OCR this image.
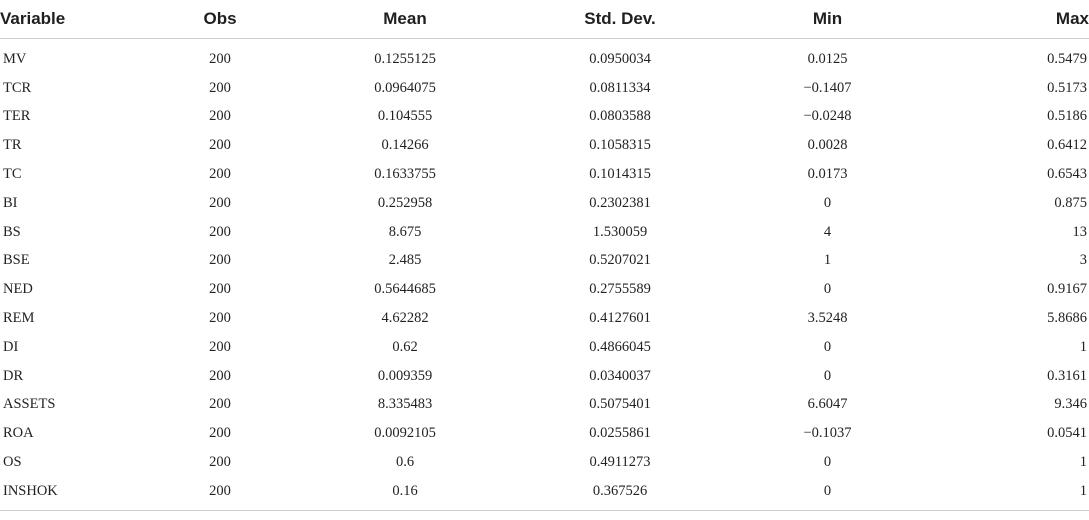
Variable	Obs	Mean	Std. Dev.	Min	Max
MV	200	0.1255125	0.0950034	0.0125	0.5479
TCR	200	0.0964075	0.0811334	−0.1407	0.5173
TER	200	0.104555	0.0803588	−0.0248	0.5186
TR	200	0.14266	0.1058315	0.0028	0.6412
TC	200	0.1633755	0.1014315	0.0173	0.6543
BI	200	0.252958	0.2302381	0	0.875
BS	200	8.675	1.530059	4	13
BSE	200	2.485	0.5207021	1	3
NED	200	0.5644685	0.2755589	0	0.9167
REM	200	4.62282	0.4127601	3.5248	5.8686
DI	200	0.62	0.4866045	0	1
DR	200	0.009359	0.0340037	0	0.3161
ASSETS	200	8.335483	0.5075401	6.6047	9.346
ROA	200	0.0092105	0.0255861	−0.1037	0.0541
OS	200	0.6	0.4911273	0	1
INSHOK	200	0.16	0.367526	0	1
